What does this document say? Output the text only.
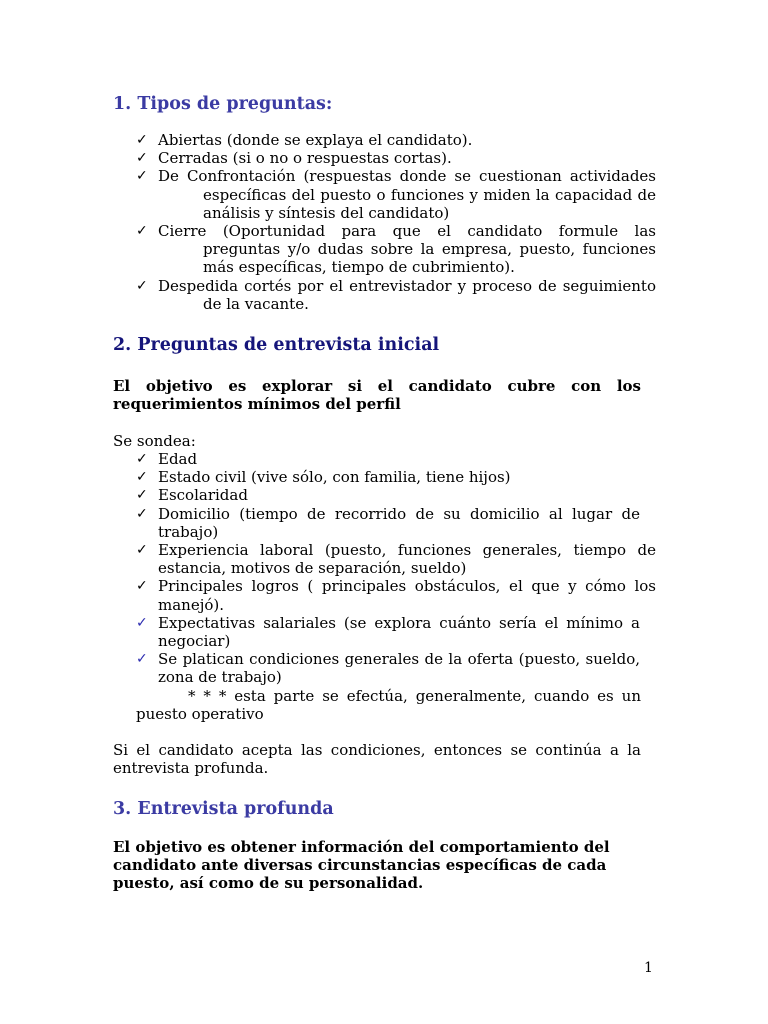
1. Tipos de preguntas:
✓ Abiertas (donde se explaya el candidato).
✓ Cerradas (si o no o respuestas cortas).
✓ De Confrontación (respuestas donde se cuestionan actividades
específicas del puesto o funciones y miden la capacidad de
análisis y síntesis del candidato)
✓ Cierre (Oportunidad para que el candidato formule las
preguntas y/o dudas sobre la empresa, puesto, funciones
más específicas, tiempo de cubrimiento).
✓ Despedida cortés por el entrevistador y proceso de seguimiento
de la vacante.
2. Preguntas de entrevista inicial

El objetivo es explorar si el candidato cubre con los
requerimientos mínimos del perfil

Se sondea:

✓ Edad
✓ Estado civil (vive sólo, con familia, tiene hijos)
✓ Escolaridad
✓ Domicilio (tiempo de recorrido de su domicilio al lugar de
trabajo)
✓ Experiencia laboral (puesto, funciones generales, tiempo de
estancia, motivos de separación, sueldo)
✓ Principales logros ( principales obstáculos, el que y cómo los
manejó).
✓ Expectativas salariales (se explora cuánto sería el mínimo a
negociar)
✓ Se platican condiciones generales de la oferta (puesto, sueldo,
zona de trabajo)

* * * esta parte se efectúa, generalmente, cuando es un
puesto operativo

Si el candidato acepta las condiciones, entonces se continúa a la
entrevista profunda.

3. Entrevista profunda

El objetivo es obtener información del comportamiento del
candidato ante diversas circunstancias específicas de cada
puesto, así como de su personalidad.

1
